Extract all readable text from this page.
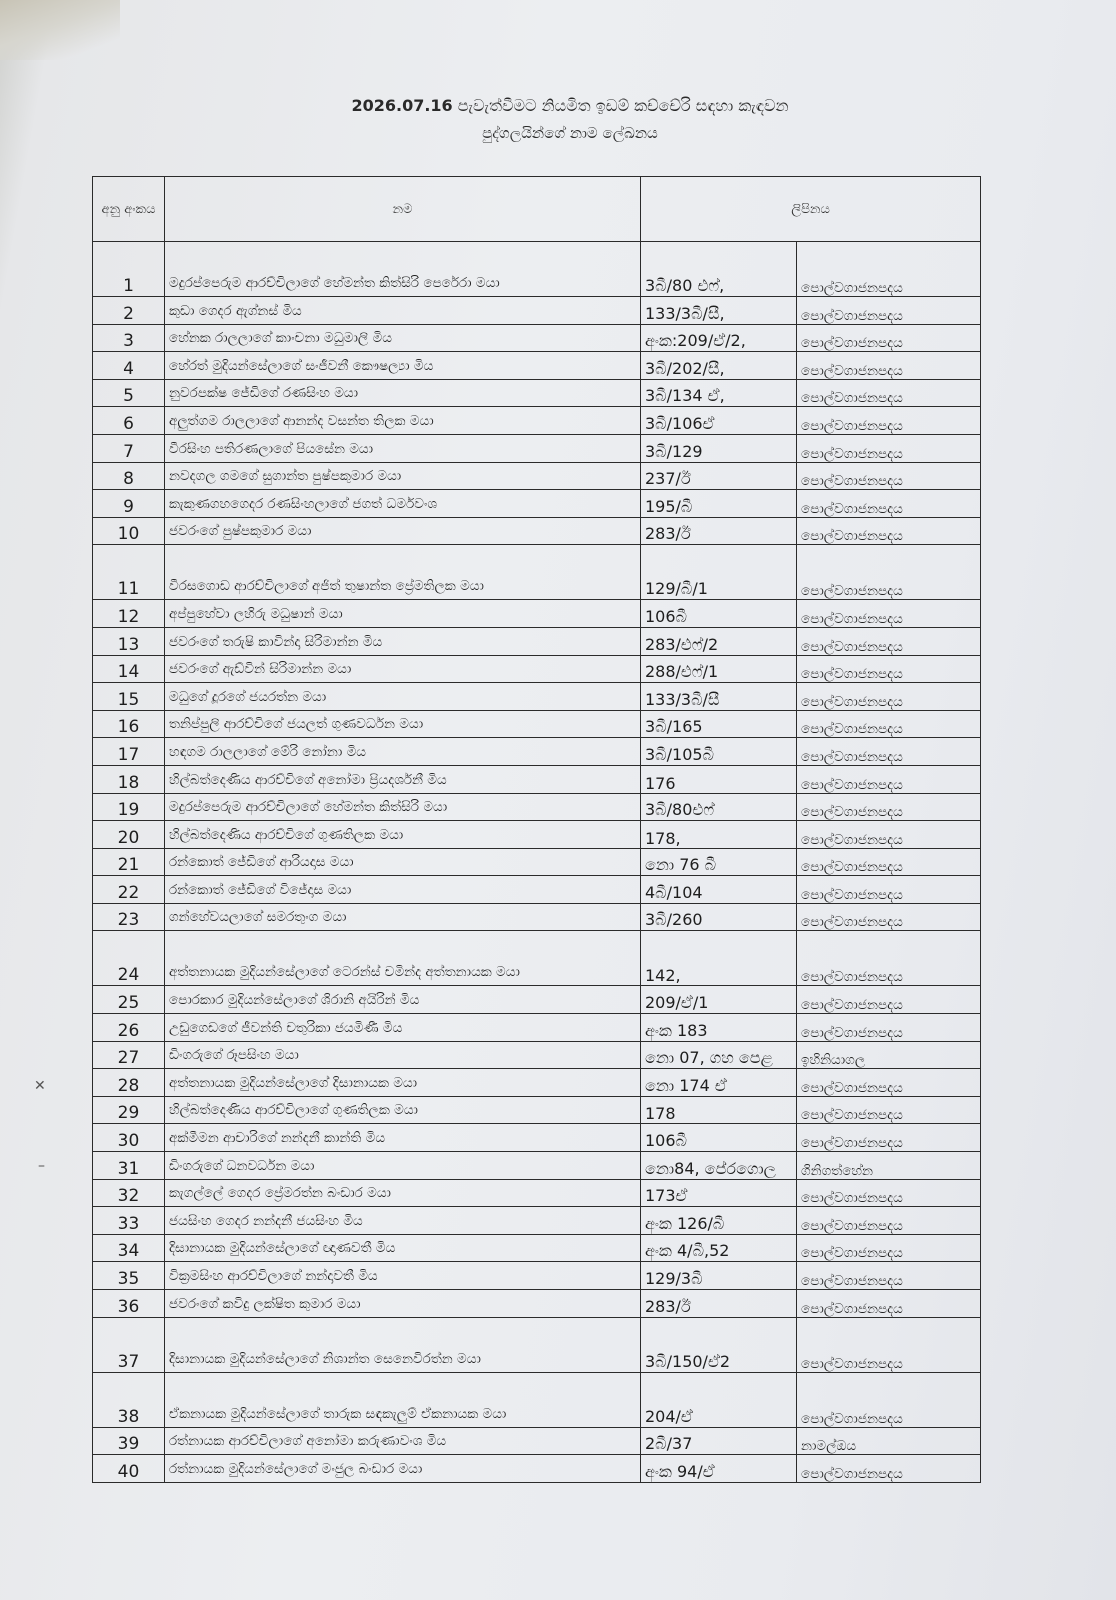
2026.07.16 පැවැත්වීමට නියමිත ඉඩම් කච්චේරි සඳහා කැඳවන
පුද්ගලයින්ගේ නාම ලේඛනය
අනු අංකය	නම	ලිපිනය	
1	මදුරප්පෙරුම ආරච්චිලාගේ හේමන්ත කිත්සිරි පෙරේරා මයා	3බී/80 එෆ්,	පොල්වගාජනපදය
2	කුඩා ගෙදර ඇග්නස් මිය	133/3බී/සී,	පොල්වගාජනපදය
3	හේනක රාලලාගේ කාංචනා මධුමාලි මිය	අංක:209/ඒ/2,	පොල්වගාජනපදය
4	හේරත් මුදියන්සේලාගේ සංජීවනී කෞෂල්‍යා මිය	3බී/202/සී,	පොල්වගාජනපදය
5	නුවරපක්ෂ ජේඩිගේ රණසිංහ මයා	3බී/134 ඒ,	පොල්වගාජනපදය
6	අලුත්ගම රාලලාගේ ආනන්ද වසන්ත තිලක මයා	3බී/106ඒ	පොල්වගාජනපදය
7	වීරසිංහ පතිරණලාගේ පියසේන මයා	3බී/129	පොල්වගාජනපදය
8	නවදගල ගමගේ සුගාන්ත පුෂ්පකුමාර මයා	237/ඊ	පොල්වගාජනපදය
9	කැකුණගහගෙදර රණසිංහලාගේ ජගත් ධර්මවංශ	195/බී	පොල්වගාජනපදය
10	ජවරංගේ පුෂ්පකුමාර මයා	283/ඊ	පොල්වගාජනපදය
11	වීරසගොඩ ආරච්චිලාගේ අජිත් තුෂාන්ත ප්‍රේමතිලක මයා	129/බී/1	පොල්වගාජනපදය
12	අප්පුහේවා ලහිරු මධුෂාන් මයා	106බී	පොල්වගාජනපදය
13	ජවරංගේ තරුෂි කාවින්දා සිරිමාන්න මිය	283/එෆ්/2	පොල්වගාජනපදය
14	ජවරංගේ ඇඩ්වින් සිරිමාන්න මයා	288/එෆ්/1	පොල්වගාජනපදය
15	මධුගේ දූරගේ ජයරත්න මයා	133/3බී/සී	පොල්වගාජනපදය
16	තනිප්පුලි ආරච්චිගේ ජයලත් ගුණවර්ධන මයා	3බී/165	පොල්වගාජනපදය
17	හඳගම රාලලාගේ මේරි නෝනා මිය	3බී/105බී	පොල්වගාජනපදය
18	හිල්බත්දෙණිය ආරච්චිගේ අනෝමා ප්‍රියදර්ශනී මිය	176	පොල්වගාජනපදය
19	මදුරප්පෙරුම ආරච්චිලාගේ හේමන්ත කිත්සිරි මයා	3බී/80එෆ්	පොල්වගාජනපදය
20	හිල්බත්දෙණිය ආරච්චිගේ ගුණතිලක මයා	178,	පොල්වගාජනපදය
21	රන්කොත් ජේඩිගේ ආරියදාස මයා	නො 76 බී	පොල්වගාජනපදය
22	රන්කොත් ජේඩිගේ විජේදාස මයා	4බී/104	පොල්වගාජනපදය
23	ගන්හේවයලාගේ සමරතුංග මයා	3බී/260	පොල්වගාජනපදය
24	අත්තනායක මුදියන්සේලාගේ ටෙරන්ස් චමින්ද අත්තනායක මයා	142,	පොල්වගාජනපදය
25	පොරකාර මුදියන්සේලාගේ ශිරානි අයිරින් මිය	209/ඒ/1	පොල්වගාජනපදය
26	උඩුගෙඩගේ ජීවන්ති චතුරිකා ජයමිණී මිය	අංක 183	පොල්වගාජනපදය
27	ඩිංගරුගේ රූපසිංහ මයා	නො 07, ගහ පෙළ	ඉහිනියාගල
28	අත්තනායක මුදියන්සේලාගේ දිසානායක මයා	නො 174 ඒ	පොල්වගාජනපදය
29	හිල්බත්දෙණිය ආරච්චිලාගේ ගුණතිලක මයා	178	පොල්වගාජනපදය
30	අක්මීමන ආචාරිගේ නන්දනී කාන්ති මිය	106බී	පොල්වගාජනපදය
31	ඩිංගරුගේ ධනවර්ධන මයා	නො84, පේරගොල	ගිනිගත්හේන
32	කැගල්ලේ ගෙදර ප්‍රේමරත්න බංඩාර මයා	173ඒ	පොල්වගාජනපදය
33	ජයසිංහ ගෙදර නන්දනී ජයසිංහ මිය	අංක 126/බී	පොල්වගාජනපදය
34	දිසානායක මුදියන්සේලාගේ ඥාණවතී මිය	අංක 4/බී,52	පොල්වගාජනපදය
35	වික්‍රමසිංහ ආරච්චිලාගේ නන්දාවතී මිය	129/3බී	පොල්වගාජනපදය
36	ජවරංගේ කවිදු ලක්ෂිත කුමාර මයා	283/ඊ	පොල්වගාජනපදය
37	දිසානායක මුදියන්සේලාගේ නිශාන්ත සෙනෙවිරත්න මයා	3බී/150/ඒ2	පොල්වගාජනපදය
38	ඒකනායක මුදියන්සේලාගේ තාරුක සඳකැලුම් ඒකනායක මයා	204/ඒ	පොල්වගාජනපදය
39	රත්නායක ආරච්චිලාගේ අනෝමා කරුණාවංශ මිය	2බී/37	නාමල්ඔය
40	රත්නායක මුදියන්සේලාගේ මංජුල බංඩාර මයා	අංක 94/ඒ	පොල්වගාජනපදය
✕
–
